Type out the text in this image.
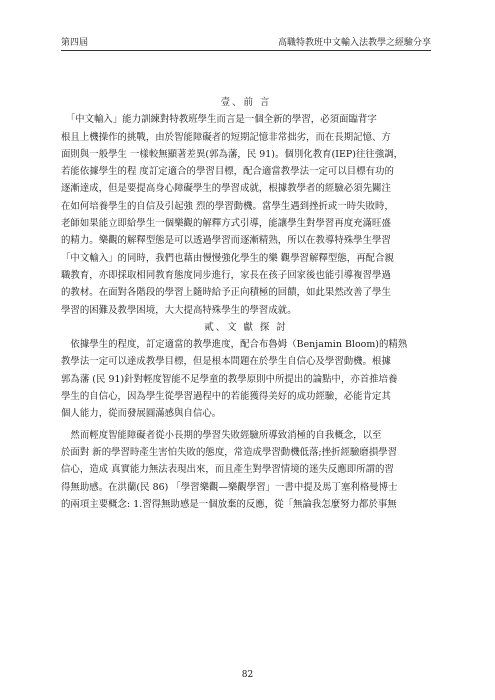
第四屆	高職特教班中文輸入法教學之經驗分享
壹、前 言

　「中文輸入」能力訓練對特教班學生而言是一個全新的學習，必須面臨背字

根且上機操作的挑戰，由於智能障礙者的短期記憶非常拙劣，而在長期記憶、方

面則與一般學生 一樣較無顯著差異(郭為藩，民 91)。個別化教育(IEP)往往強調，

若能依據學生的程 度訂定適合的學習目標，配合適當教學法一定可以目標有功的

逐漸達成，但是要提高身心障礙學生的學習成就，根據教學者的經驗必須先關注

在如何培養學生的自信及引起強 烈的學習動機。當學生遇到挫折或一時失敗時，

老師如果能立即給學生一個樂觀的解釋方式引導，能讓學生對學習再度充滿旺盛

的精力。樂觀的解釋型態是可以透過學習而逐漸精熟，所以在教導特殊學生學習

「中文輸入」的同時，我們也藉由慢慢強化學生的樂 觀學習解釋型態，再配合親

職教育，亦即採取相同教育態度同步進行，家長在孩子回家後也能引導複習學過

的教材。在面對各階段的學習上隨時給予正向積極的回饋，如此果然改善了學生

學習的困難及教學困境，大大提高特殊學生的學習成就。

貳、文 獻 探 討

　依據學生的程度，訂定適當的教學進度，配合布魯姆（Benjamin Bloom)的精熟

教學法一定可以達成教學目標，但是根本問題在於學生自信心及學習動機。根據

郭為藩 (民 91)針對輕度智能不足學童的教學原則中所提出的論點中，亦首推培養

學生的自信心，因為學生從學習過程中的若能獲得美好的成功經驗，必能肯定其

個人能力，從而發展圓滿感與自信心。

　然而輕度智能障礙者從小長期的學習失敗經驗所導致消極的自我概念，以至

於面對 新的學習時產生害怕失敗的態度，常造成學習動機低落;挫折經驗磨損學習

信心，造成 真實能力無法表現出來，而且產生對學習情境的迷失反應即所謂的習

得無助感。在洪蘭(民 86) 「學習樂觀—樂觀學習」一書中提及馬丁塞利格曼博士

的兩項主要概念: 1.習得無助感是一個放棄的反應，從「無論我怎麼努力都於事無

82
